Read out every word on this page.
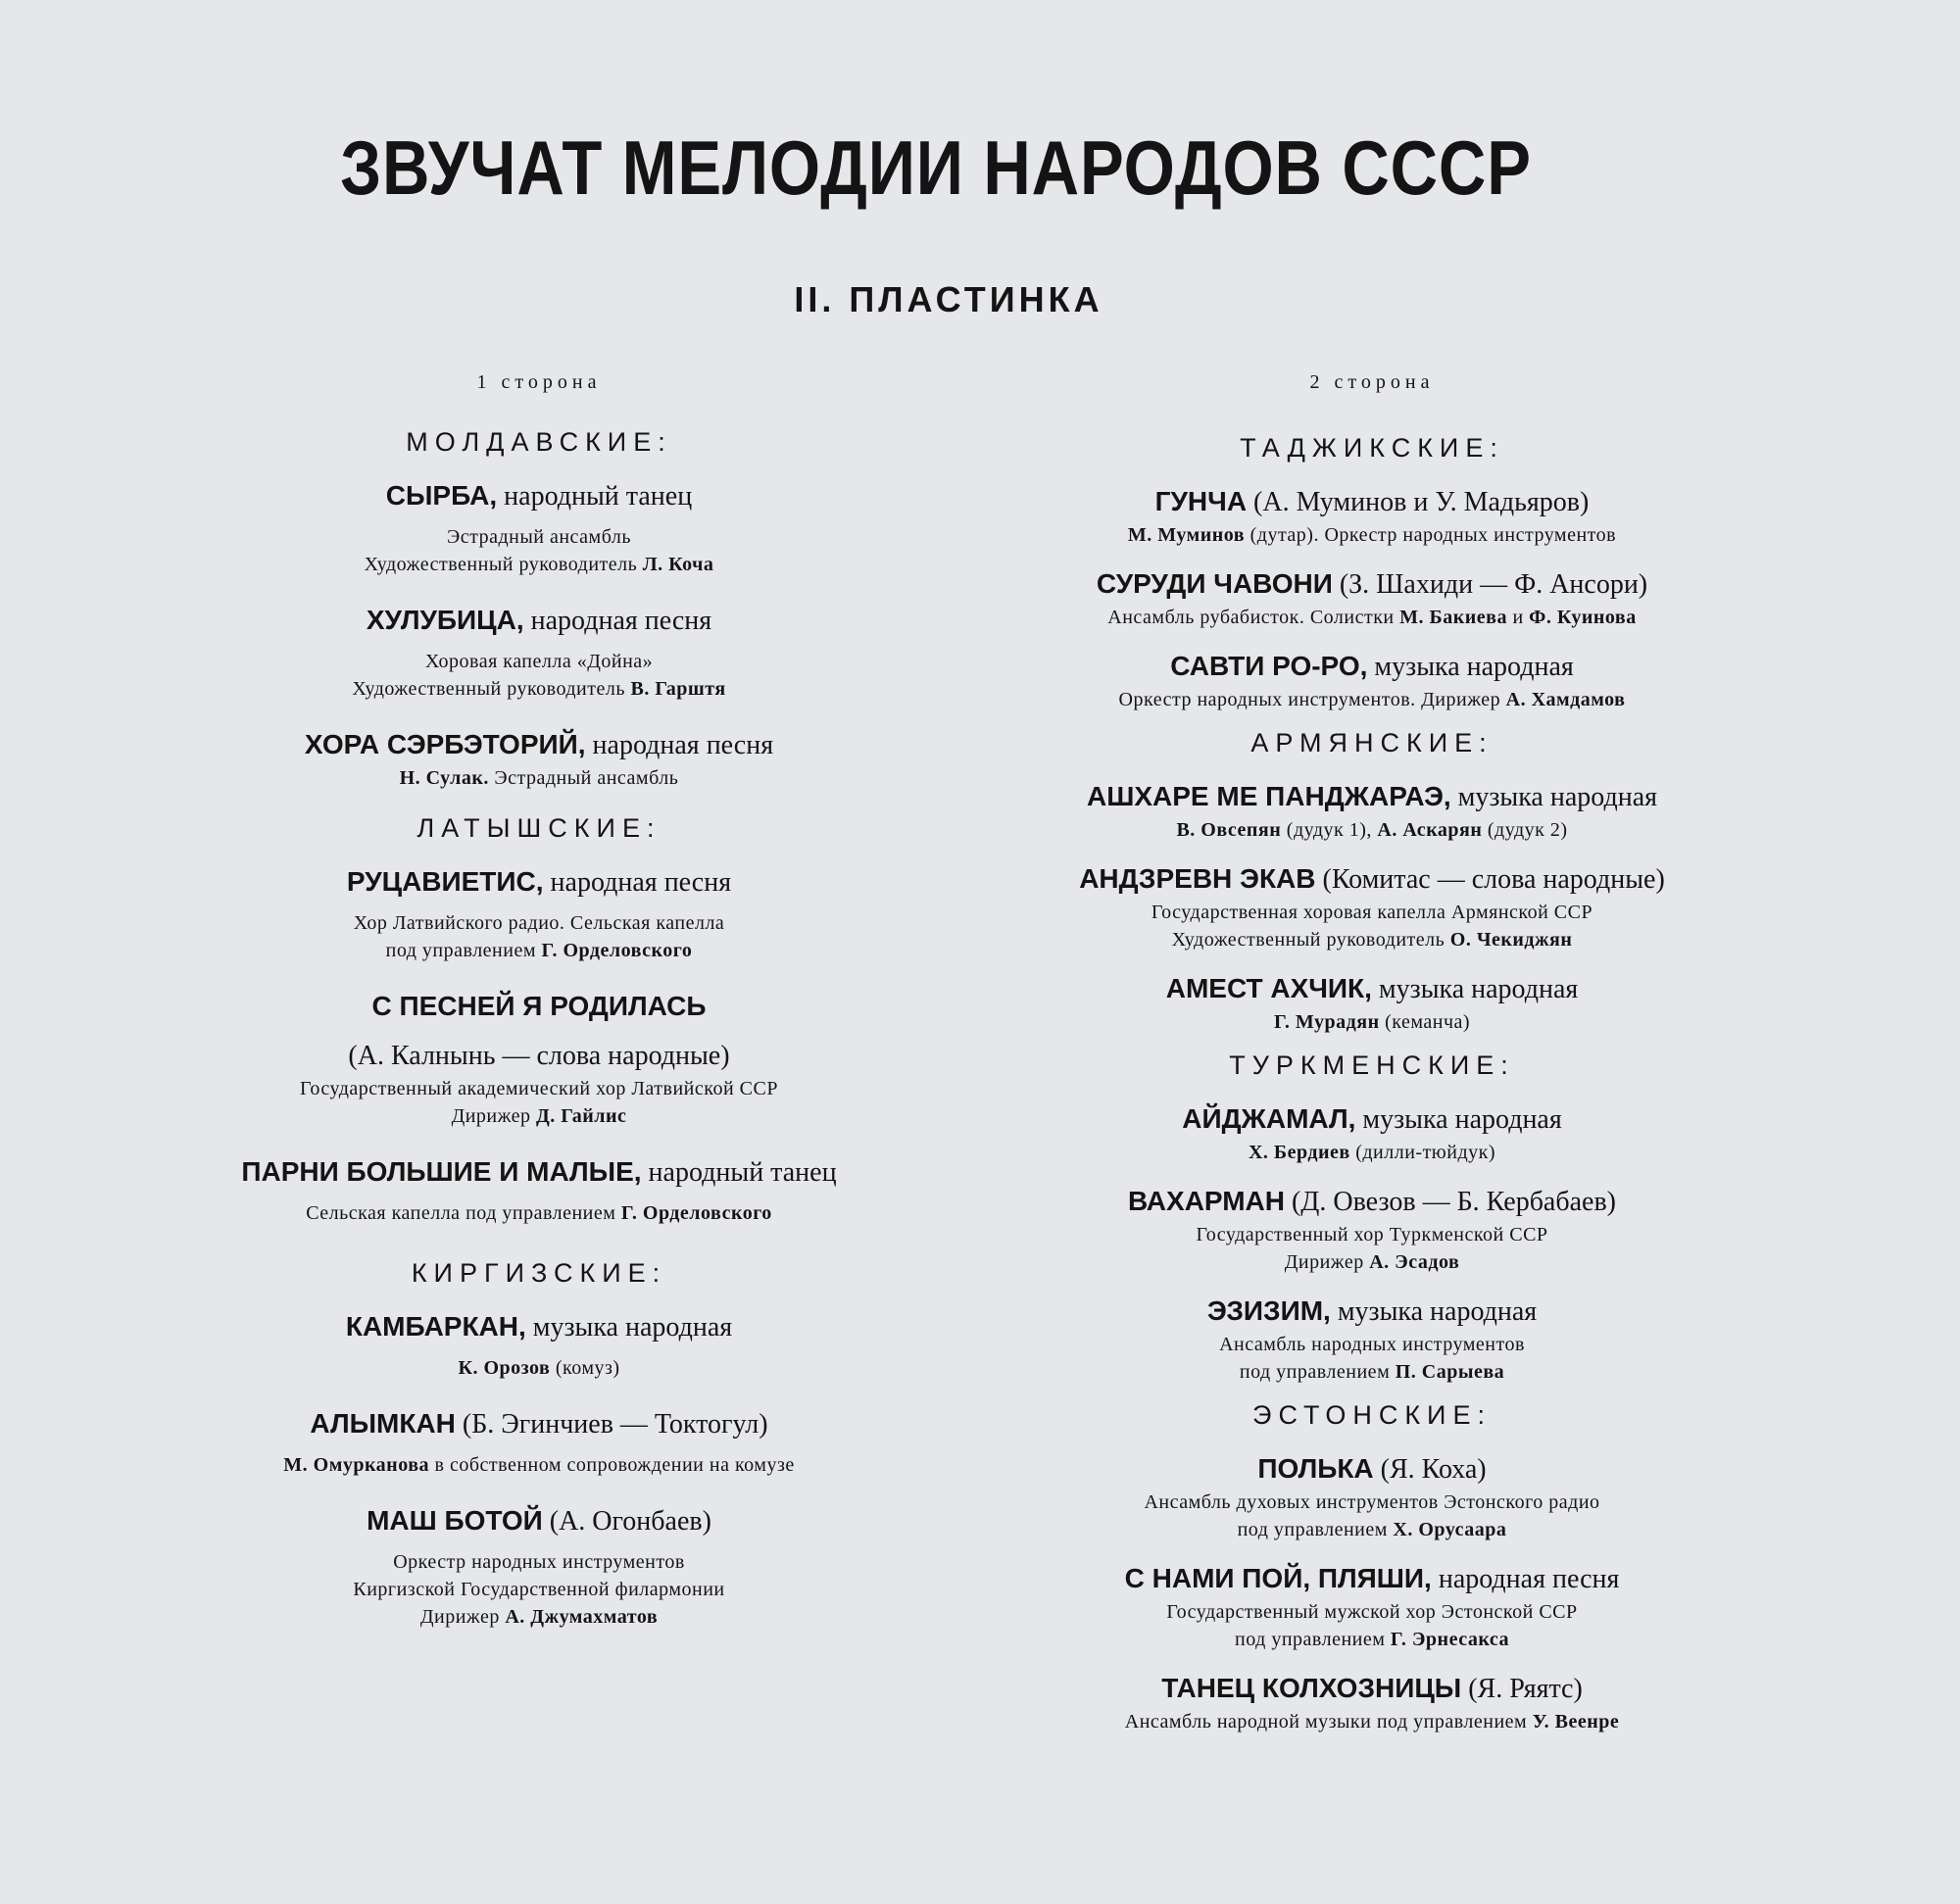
ЗВУЧАТ МЕЛОДИИ НАРОДОВ СССР
II. ПЛАСТИНКА
1 сторона
МОЛДАВСКИЕ:
СЫРБА, народный танец
Эстрадный ансамбль
Художественный руководитель Л. Коча
ХУЛУБИЦА, народная песня
Хоровая капелла «Дойна»
Художественный руководитель В. Гарштя
ХОРА СЭРБЭТОРИЙ, народная песня
Н. Сулак. Эстрадный ансамбль
ЛАТЫШСКИЕ:
РУЦАВИЕТИС, народная песня
Хор Латвийского радио. Сельская капелла
под управлением Г. Орделовского
С ПЕСНЕЙ Я РОДИЛАСЬ
(А. Калнынь — слова народные)
Государственный академический хор Латвийской ССР
Дирижер Д. Гайлис
ПАРНИ БОЛЬШИЕ И МАЛЫЕ, народный танец
Сельская капелла под управлением Г. Орделовского
КИРГИЗСКИЕ:
КАМБАРКАН, музыка народная
К. Орозов (комуз)
АЛЫМКАН (Б. Эгинчиев — Токтогул)
М. Омурканова в собственном сопровождении на комузе
МАШ БОТОЙ (А. Огонбаев)
Оркестр народных инструментов
Киргизской Государственной филармонии
Дирижер А. Джумахматов
2 сторона
ТАДЖИКСКИЕ:
ГУНЧА (А. Муминов и У. Мадьяров)
М. Муминов (дутар). Оркестр народных инструментов
СУРУДИ ЧАВОНИ (З. Шахиди — Ф. Ансори)
Ансамбль рубабисток. Солистки М. Бакиева и Ф. Куинова
САВТИ РО-РО, музыка народная
Оркестр народных инструментов. Дирижер А. Хамдамов
АРМЯНСКИЕ:
АШХАРЕ МЕ ПАНДЖАРАЭ, музыка народная
В. Овсепян (дудук 1), А. Аскарян (дудук 2)
АНДЗРЕВН ЭКАВ (Комитас — слова народные)
Государственная хоровая капелла Армянской ССР
Художественный руководитель О. Чекиджян
АМЕСТ АХЧИК, музыка народная
Г. Мурадян (кеманча)
ТУРКМЕНСКИЕ:
АЙДЖАМАЛ, музыка народная
Х. Бердиев (дилли-тюйдук)
ВАХАРМАН (Д. Овезов — Б. Кербабаев)
Государственный хор Туркменской ССР
Дирижер А. Эсадов
ЭЗИЗИМ, музыка народная
Ансамбль народных инструментов
под управлением П. Сарыева
ЭСТОНСКИЕ:
ПОЛЬКА (Я. Коха)
Ансамбль духовых инструментов Эстонского радио
под управлением Х. Орусаара
С НАМИ ПОЙ, ПЛЯШИ, народная песня
Государственный мужской хор Эстонской ССР
под управлением Г. Эрнесакса
ТАНЕЦ КОЛХОЗНИЦЫ (Я. Ряятс)
Ансамбль народной музыки под управлением У. Веенре
